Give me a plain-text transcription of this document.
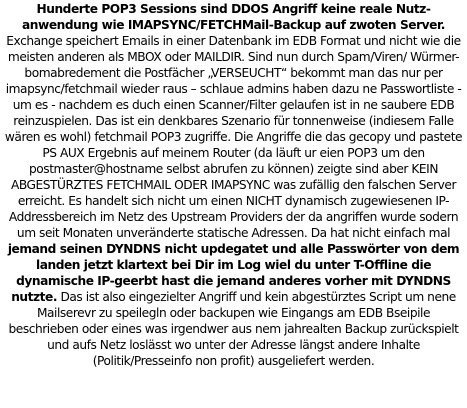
Hunderte POP3 Sessions sind DDOS Angriff keine reale Nutz- anwendung wie IMAPSYNC/FETCHMail-Backup auf zwoten Server. Exchange speichert Emails in einer Datenbank im EDB Format und nicht wie die meisten anderen als MBOX oder MAILDIR. Sind nun durch Spam/Viren/ Würmer-bomabredement die Postfächer „VERSEUCHT“ bekommt man das nur per imapsync/fetchmail wieder raus – schlaue admins haben dazu ne Passwortliste - um es - nachdem es duch einen Scanner/Filter gelaufen ist in ne saubere EDB reinzuspielen. Das ist ein denkbares Szenario für tonnenweise (indiesem Falle wären es wohl) fetchmail POP3 zugriffe. Die Angriffe die das gecopy und pastete PS AUX Ergebnis auf meinem Router (da läuft ur eien POP3 um den postmaster@hostname selbst abrufen zu können) zeigte sind aber KEIN ABGESTÜRZTES FETCHMAIL ODER IMAPSYNC was zufällig den falschen Server erreicht. Es handelt sich nicht um einen NICHT dynamisch zugewiesenen IP-Addressbereich im Netz des Upstream Providers der da angriffen wurde sodern um seit Monaten unveränderte statische Adressen. Da hat nicht einfach mal jemand seinen DYNDNS nicht updegatet und alle Passwörter von dem landen jetzt klartext bei Dir im Log wiel du unter T-Offline die dynamische IP-geerbt hast die jemand anderes vorher mit DYNDNS nutzte. Das ist also eingezielter Angriff und kein abgestürztes Script um nene Mailserevr zu speilegln oder backupen wie Eingangs am EDB Bseipile beschrieben oder eines was irgendwer aus nem jahrealten Backup zurückspielt und aufs Netz loslässt wo unter der Adresse längst andere Inhalte (Politik/Presseinfo non profit) ausgeliefert werden.
